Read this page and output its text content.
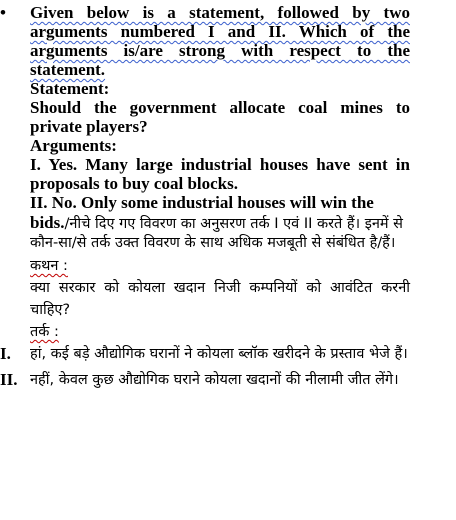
• Given below is a statement, followed by two arguments numbered I and II. Which of the arguments is/are strong with respect to the statement.

Statement:

Should the government allocate coal mines to private players?

Arguments:

I. Yes. Many large industrial houses have sent in proposals to buy coal blocks.

II. No. Only some industrial houses will win the bids.

/नीचे दिए गए विवरण का अनुसरण तर्क I एवं II करते हैं। इनमें से कौन-सा/से तर्क उक्त विवरण के साथ अधिक मजबूती से संबंधित है/हैं।

कथन :

क्या सरकार को कोयला खदान निजी कम्पनियों को आवंटित करनी चाहिए?

तर्क :

I.	हां, कई बड़े औद्योगिक घरानों ने कोयला ब्लॉक खरीदने के प्रस्ताव भेजे हैं।
II. नहीं, केवल कुछ औद्योगिक घराने कोयला खदानों की नीलामी जीत लेंगे।
